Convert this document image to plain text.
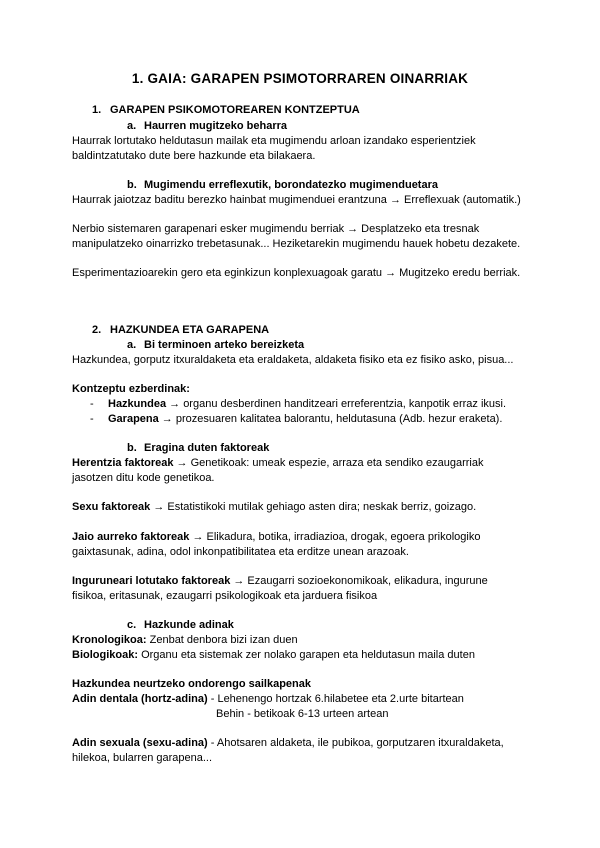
1. GAIA: GARAPEN PSIMOTORRAREN OINARRIAK
1. GARAPEN PSIKOMOTOREAREN KONTZEPTUA
a. Haurren mugitzeko beharra
Haurrak lortutako heldutasun mailak eta mugimendu arloan izandako esperientziek
baldintzatutako dute bere hazkunde eta bilakaera.
b. Mugimendu erreflexutik, borondatezko mugimenduetara
Haurrak jaiotzaz baditu berezko hainbat mugimenduei erantzuna → Erreflexuak (automatik.)
Nerbio sistemaren garapenari esker mugimendu berriak → Desplatzeko eta tresnak
manipulatzeko oinarrizko trebetasunak... Heziketarekin mugimendu hauek hobetu dezakete.
Esperimentazioarekin gero eta eginkizun konplexuagoak garatu → Mugitzeko eredu berriak.
2. HAZKUNDEA ETA GARAPENA
a. Bi terminoen arteko bereizketa
Hazkundea, gorputz itxuraldaketa eta eraldaketa, aldaketa fisiko eta ez fisiko asko, pisua...
Kontzeptu ezberdinak:
- Hazkundea → organu desberdinen handitzeari erreferentzia, kanpotik erraz ikusi.
- Garapena → prozesuaren kalitatea balorantu, heldutasuna (Adb. hezur eraketa).
b. Eragina duten faktoreak
Herentzia faktoreak → Genetikoak: umeak espezie, arraza eta sendiko ezaugarriak
jasotzen ditu kode genetikoa.
Sexu faktoreak → Estatistikoki mutilak gehiago asten dira; neskak berriz, goizago.
Jaio aurreko faktoreak → Elikadura, botika, irradiazioa, drogak, egoera prikologiko
gaixtasunak, adina, odol inkonpatibilitatea eta erditze unean arazoak.
Inguruneari lotutako faktoreak → Ezaugarri sozioekonomikoak, elikadura, ingurune
fisikoa, eritasunak, ezaugarri psikologikoak eta jarduera fisikoa
c. Hazkunde adinak
Kronologikoa: Zenbat denbora bizi izan duen
Biologikoak: Organu eta sistemak zer nolako garapen eta heldutasun maila duten
Hazkundea neurtzeko ondorengo sailkapenak
Adin dentala (hortz-adina) - Lehenengo hortzak 6.hilabetee eta 2.urte bitartean
Behin - betikoak 6-13 urteen artean
Adin sexuala (sexu-adina) - Ahotsaren aldaketa, ile pubikoa, gorputzaren itxuraldaketa,
hilekoa, bularren garapena...
